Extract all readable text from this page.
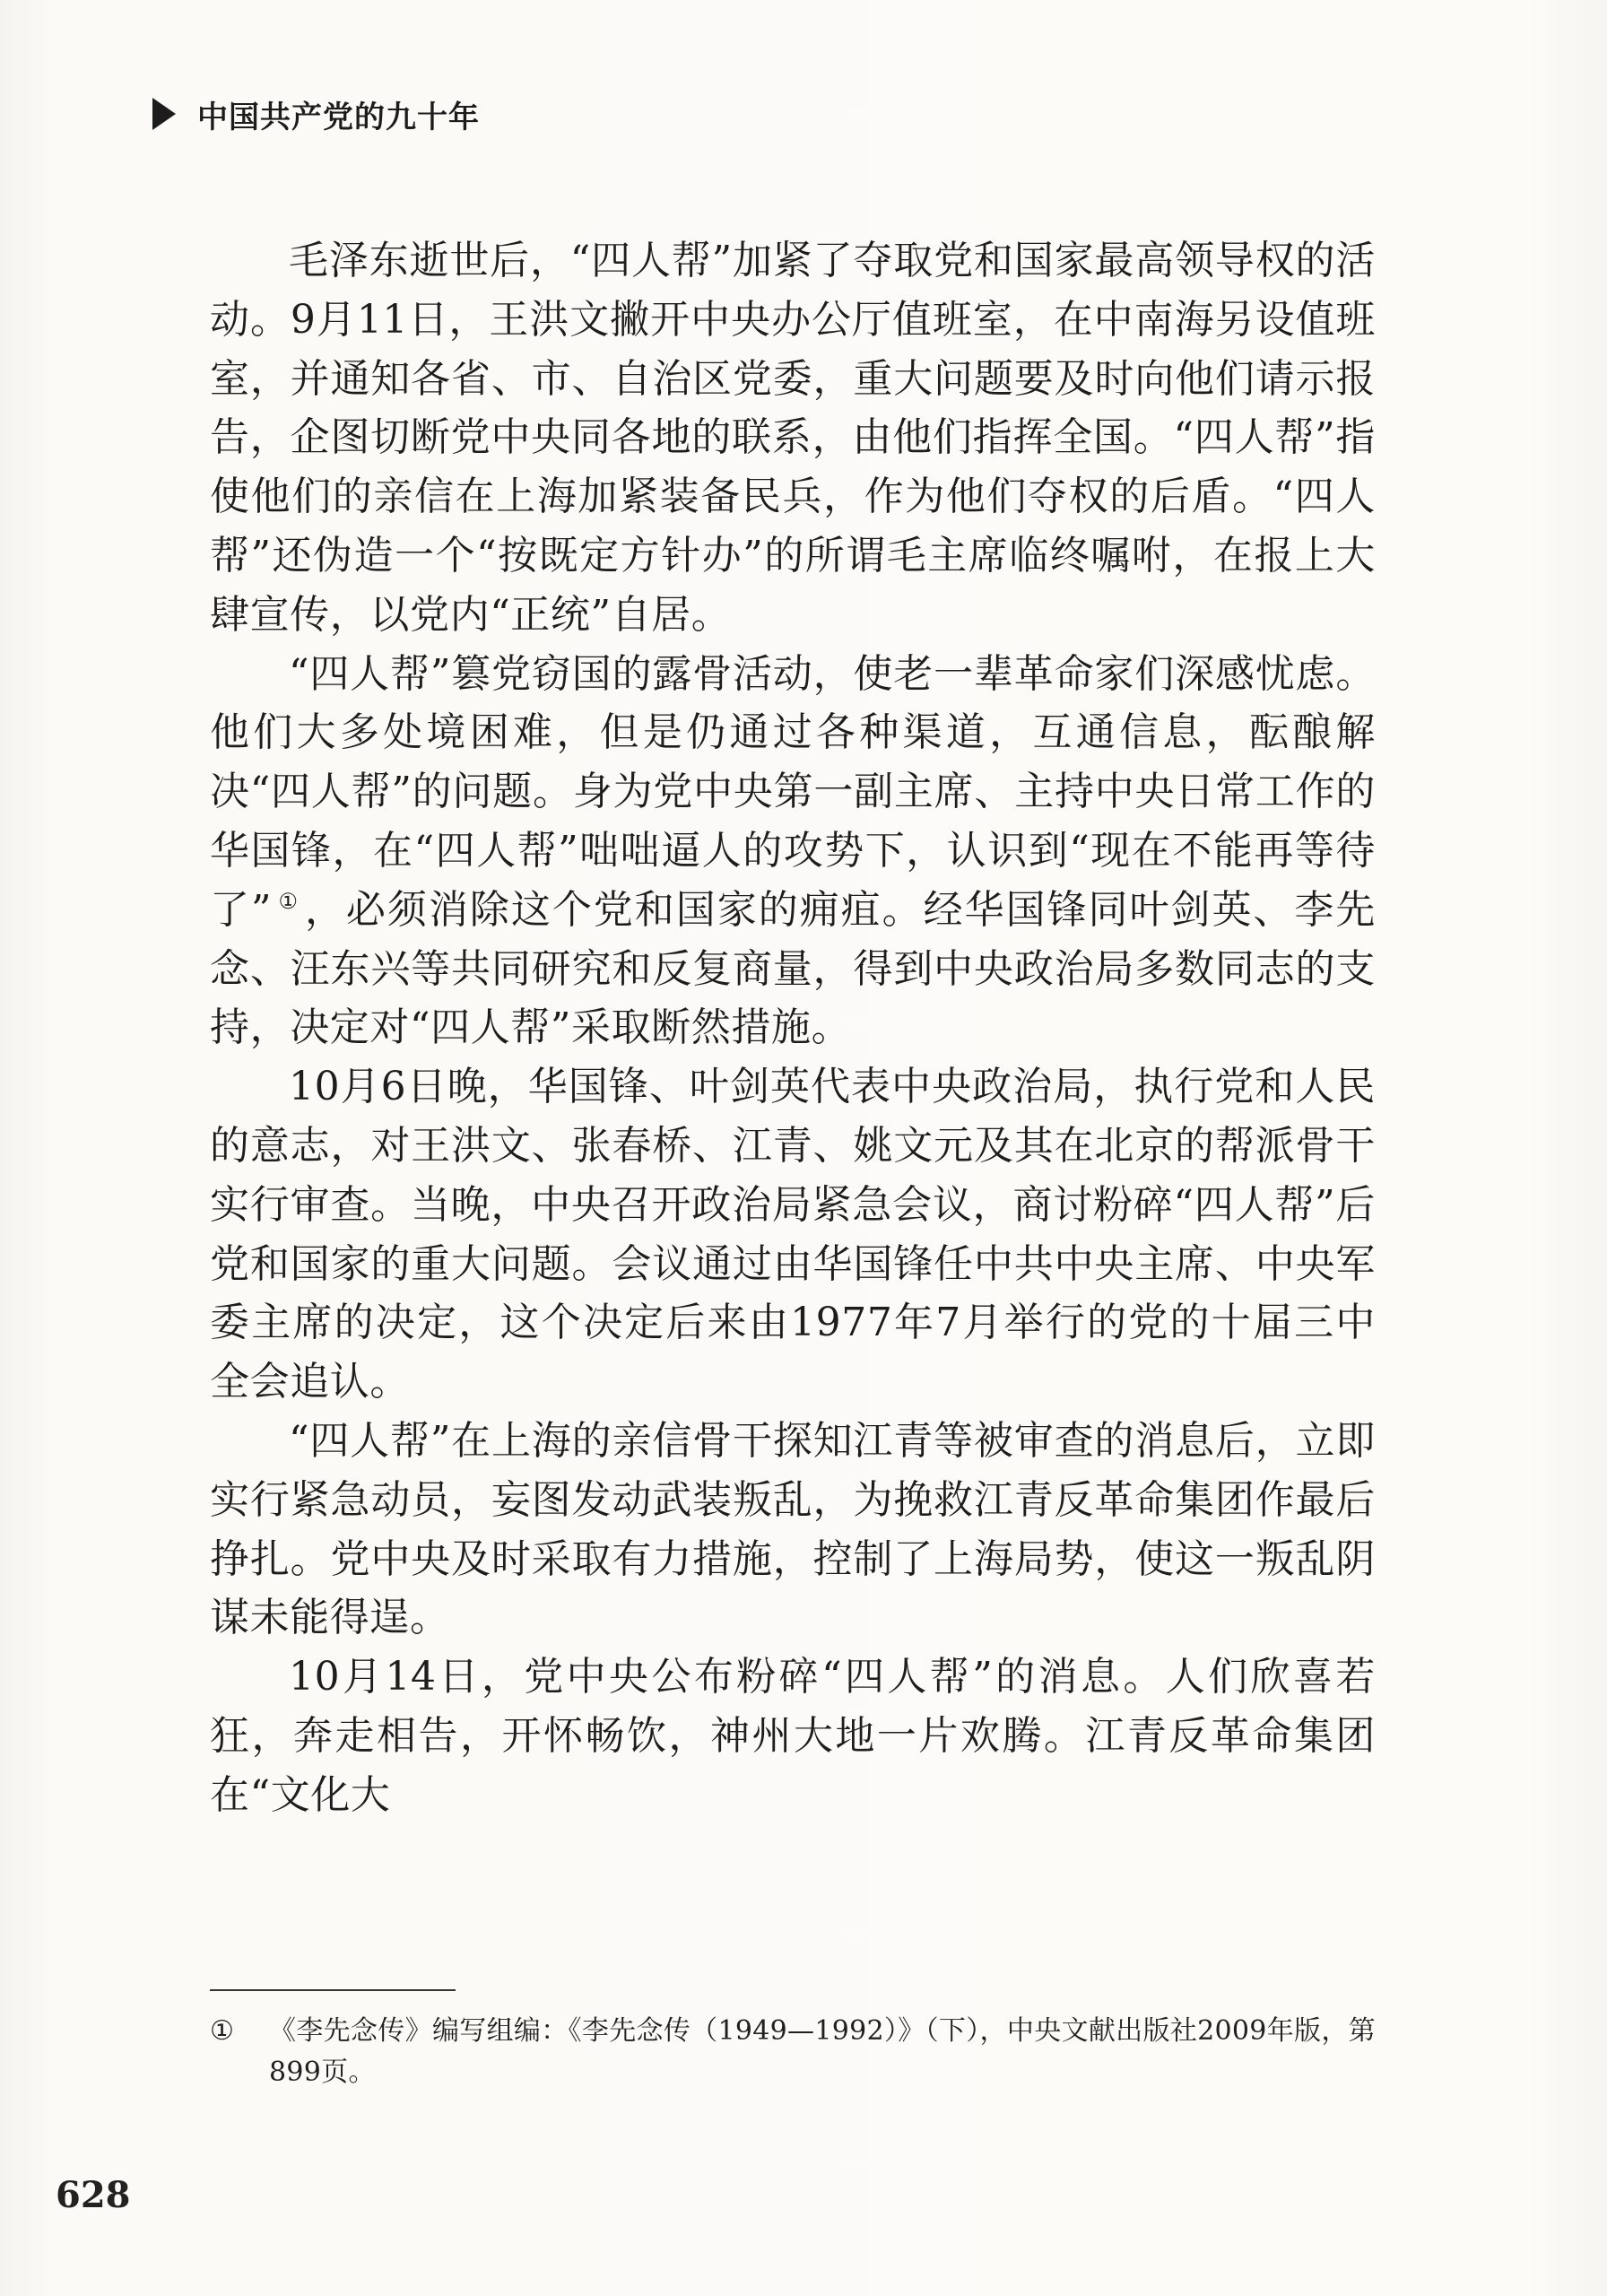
中国共产党的九十年

毛泽东逝世后，“四人帮”加紧了夺取党和国家最高领导权的活动。9月11日，王洪文撇开中央办公厅值班室，在中南海另设值班室，并通知各省、市、自治区党委，重大问题要及时向他们请示报告，企图切断党中央同各地的联系，由他们指挥全国。“四人帮”指使他们的亲信在上海加紧装备民兵，作为他们夺权的后盾。“四人帮”还伪造一个“按既定方针办”的所谓毛主席临终嘱咐，在报上大肆宣传，以党内“正统”自居。

“四人帮”篡党窃国的露骨活动，使老一辈革命家们深感忧虑。他们大多处境困难，但是仍通过各种渠道，互通信息，酝酿解决“四人帮”的问题。身为党中央第一副主席、主持中央日常工作的华国锋，在“四人帮”咄咄逼人的攻势下，认识到“现在不能再等待了” ① ，必须消除这个党和国家的痈疽。经华国锋同叶剑英、李先念、汪东兴等共同研究和反复商量，得到中央政治局多数同志的支持，决定对“四人帮”采取断然措施。

10月6日晚，华国锋、叶剑英代表中央政治局，执行党和人民的意志，对王洪文、张春桥、江青、姚文元及其在北京的帮派骨干实行审查。当晚，中央召开政治局紧急会议，商讨粉碎“四人帮”后党和国家的重大问题。会议通过由华国锋任中共中央主席、中央军委主席的决定，这个决定后来由1977年7月举行的党的十届三中全会追认。

“四人帮”在上海的亲信骨干探知江青等被审查的消息后，立即实行紧急动员，妄图发动武装叛乱，为挽救江青反革命集团作最后挣扎。党中央及时采取有力措施，控制了上海局势，使这一叛乱阴谋未能得逞。

10月14日，党中央公布粉碎“四人帮”的消息。人们欣喜若狂，奔走相告，开怀畅饮，神州大地一片欢腾。江青反革命集团在“文化大

①	《李先念传》编写组编：《李先念传（1949—1992）》（下），中央文献出版社2009年版，第899页。
628
